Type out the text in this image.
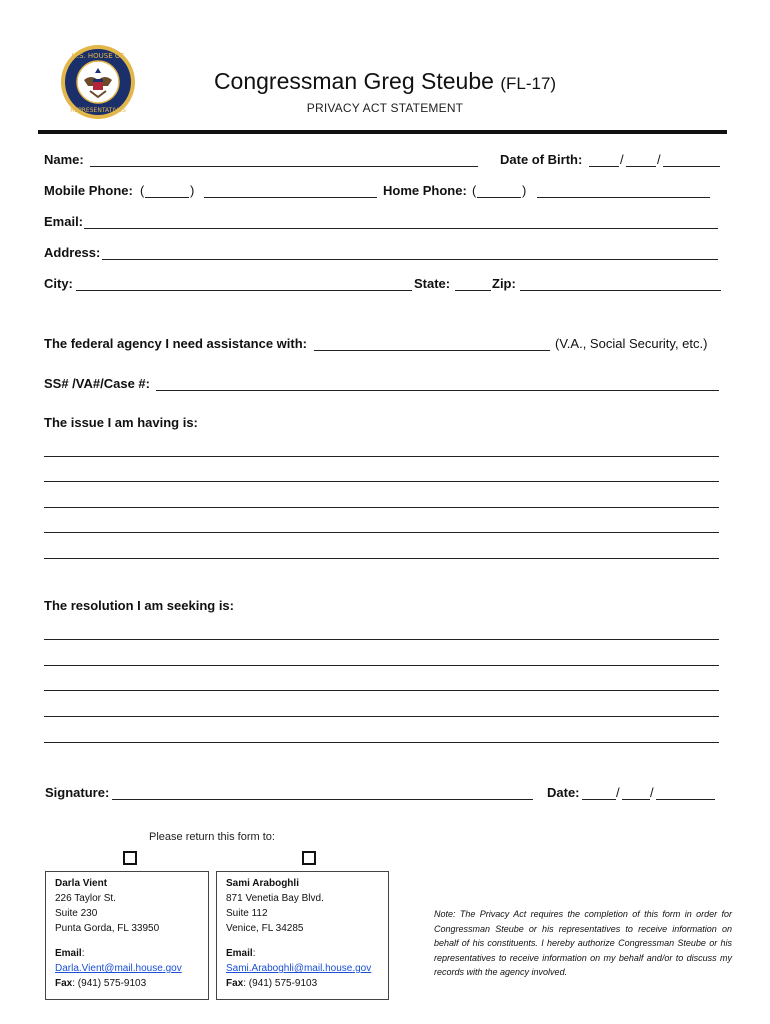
U.S. HOUSE OF
REPRESENTATIVES
Congressman Greg Steube (FL-17)
PRIVACY ACT STATEMENT
Name:	Date of Birth:	/	/
Mobile Phone: (	)	Home Phone: (	)
Email:
Address:
City:	State:	Zip:
The federal agency I need assistance with:	(V.A., Social Security, etc.)
SS# /VA#/Case #:
The issue I am having is:
The resolution I am seeking is:
Signature:	Date:	/ /
Please return this form to:
Darla Vient
226 Taylor St.
Suite 230
Punta Gorda, FL 33950
Email:
Darla.Vient@mail.house.gov
Fax: (941) 575-9103
Sami Araboghli
871 Venetia Bay Blvd.
Suite 112
Venice, FL 34285
Email:
Sami.Araboghli@mail.house.gov
Fax: (941) 575-9103
Note: The Privacy Act requires the completion of this form in order for Congressman Steube or his representatives to receive information on behalf of his constituents. I hereby authorize Congressman Steube or his representatives to receive information on my behalf and/or to discuss my records with the agency involved.
